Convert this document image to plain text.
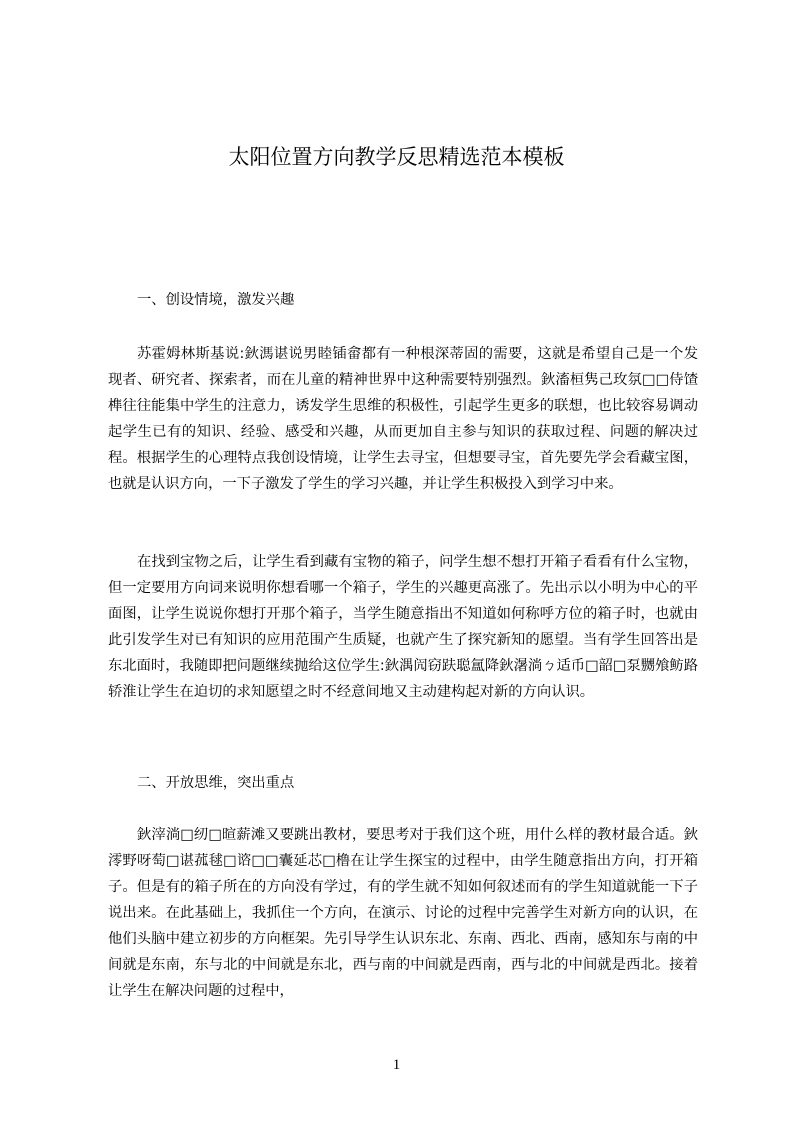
太阳位置方向教学反思精选范本模板
一、创设情境，激发兴趣

苏霍姆林斯基说:鈥溤谌说男睦锸畲都有一种根深蒂固的需要，这就是希望自己是一个发现者、研究者、探索者，而在儿童的精神世界中这种需要特别强烈。鈥滀桓隽己玫氛□□侍馇榫往往能集中学生的注意力，诱发学生思维的积极性，引起学生更多的联想，也比较容易调动起学生已有的知识、经验、感受和兴趣，从而更加自主参与知识的获取过程、问题的解决过程。根据学生的心理特点我创设情境，让学生去寻宝，但想要寻宝，首先要先学会看藏宝图，也就是认识方向，一下子激发了学生的学习兴趣，并让学生积极投入到学习中来。

在找到宝物之后，让学生看到藏有宝物的箱子，问学生想不想打开箱子看看有什么宝物，但一定要用方向词来说明你想看哪一个箱子，学生的兴趣更高涨了。先出示以小明为中心的平面图，让学生说说你想打开那个箱子，当学生随意指出不知道如何称呼方位的箱子时，也就由此引发学生对已有知识的应用范围产生质疑，也就产生了探究新知的愿望。当有学生回答出是东北面时，我随即把问题继续抛给这位学生:鈥湡闶窃趺聪氲降鈥濐淌ㄅ适币□韶□泵嬲飧鲂路轿淮让学生在迫切的求知愿望之时不经意间地又主动建构起对新的方向认识。

二、开放思维，突出重点

鈥滓淌□纫□暄薪滩又要跳出教材，要思考对于我们这个班，用什么样的教材最合适。鈥澪野呀萄□谌菰毬□谘□□囊延芯□橹在让学生探宝的过程中，由学生随意指出方向，打开箱子。但是有的箱子所在的方向没有学过，有的学生就不知如何叙述而有的学生知道就能一下子说出来。在此基础上，我抓住一个方向，在演示、讨论的过程中完善学生对新方向的认识，在他们头脑中建立初步的方向框架。先引导学生认识东北、东南、西北、西南，感知东与南的中间就是东南，东与北的中间就是东北，西与南的中间就是西南，西与北的中间就是西北。接着让学生在解决问题的过程中，

1
